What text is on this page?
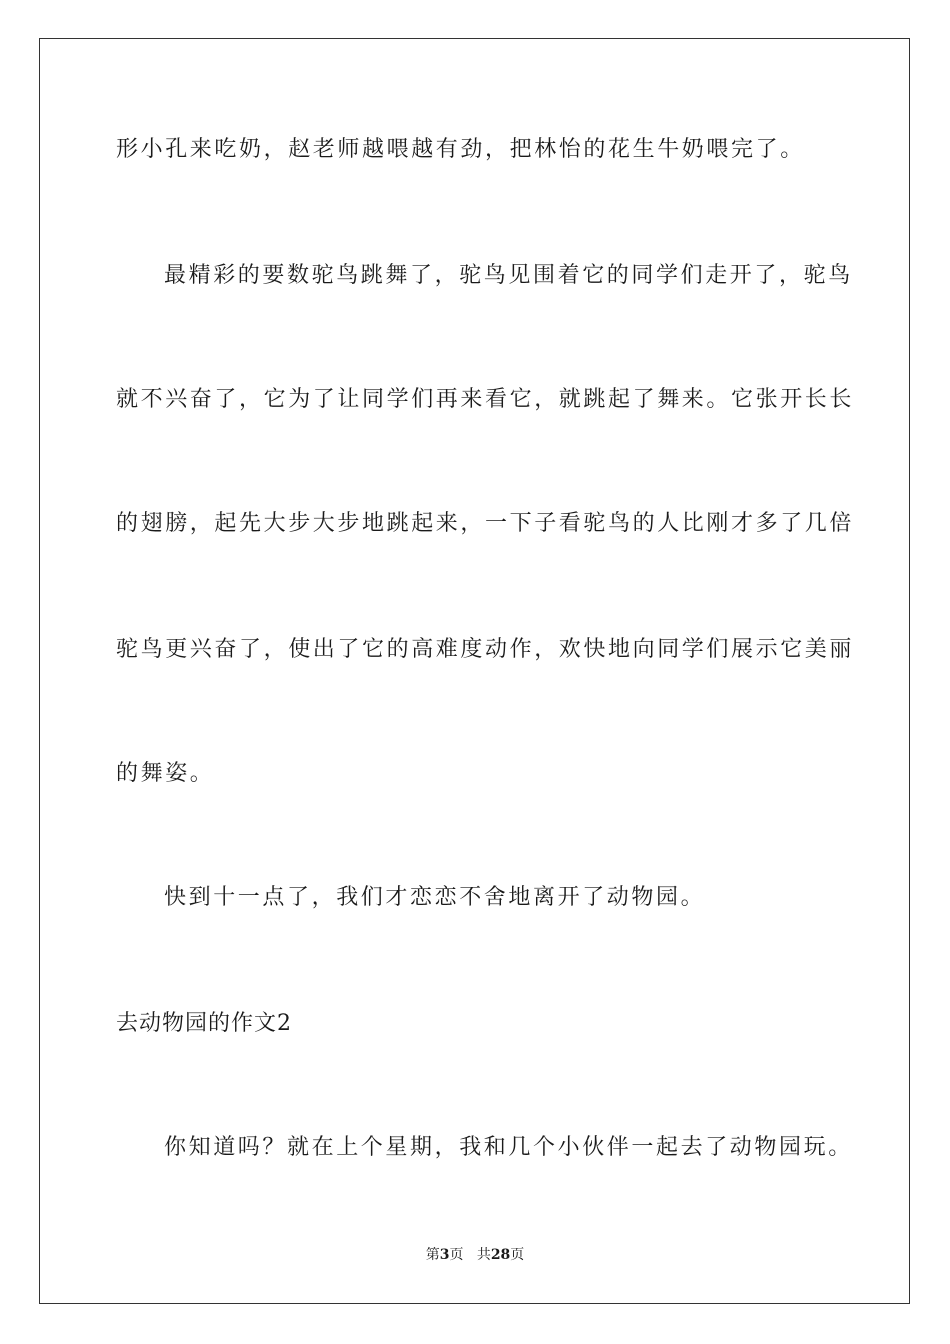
形小孔来吃奶，赵老师越喂越有劲，把林怡的花生牛奶喂完了。
最精彩的要数驼鸟跳舞了，驼鸟见围着它的同学们走开了，驼鸟
就不兴奋了，它为了让同学们再来看它，就跳起了舞来。它张开长长
的翅膀，起先大步大步地跳起来，一下子看驼鸟的人比刚才多了几倍
驼鸟更兴奋了，使出了它的高难度动作，欢快地向同学们展示它美丽
的舞姿。
快到十一点了，我们才恋恋不舍地离开了动物园。
去动物园的作文2
你知道吗？就在上个星期，我和几个小伙伴一起去了动物园玩。
第3页 共28页
